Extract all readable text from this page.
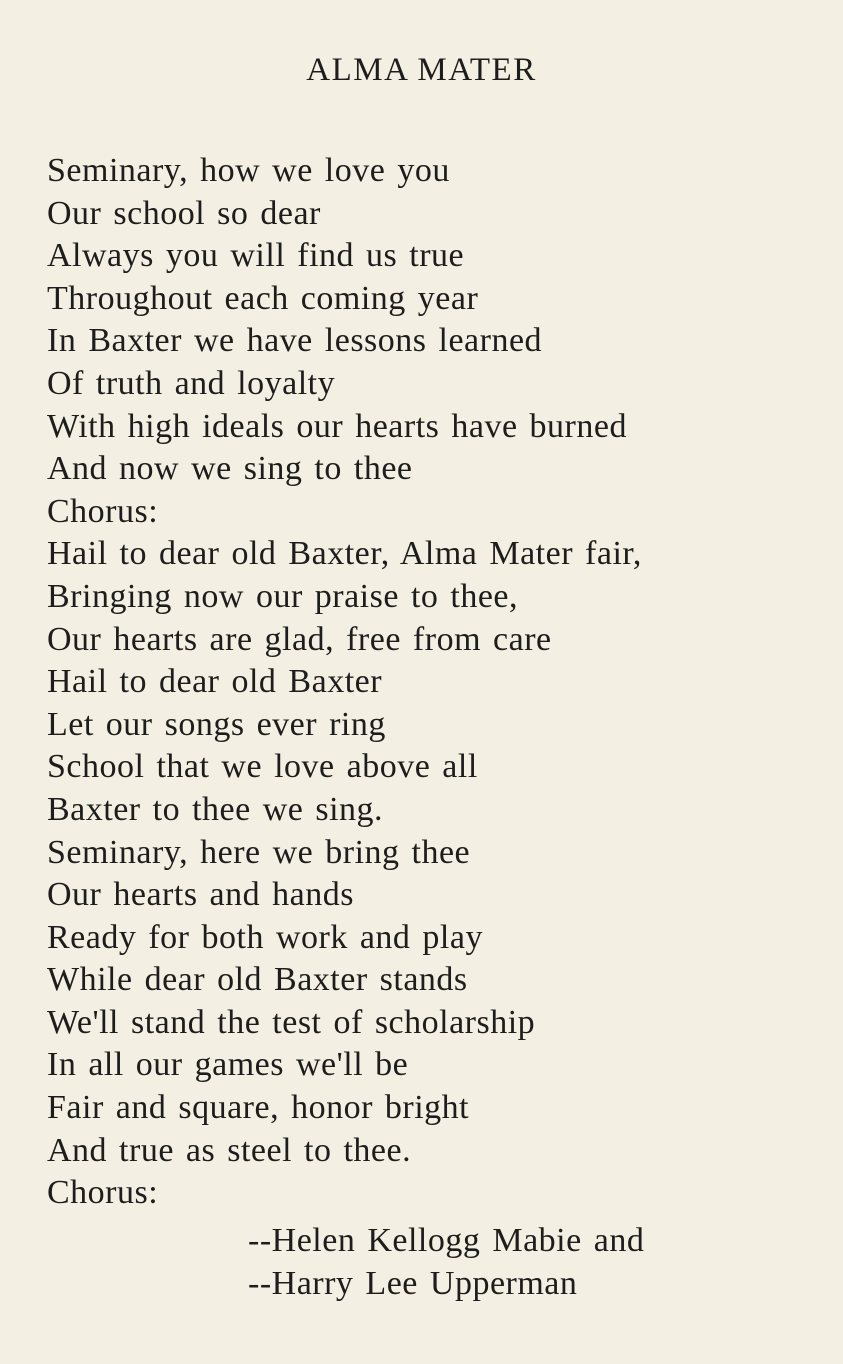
ALMA MATER
Seminary, how we love you
Our school so dear
Always you will find us true
Throughout each coming year
In Baxter we have lessons learned
Of truth and loyalty
With high ideals our hearts have burned
And now we sing to thee
Chorus:
Hail to dear old Baxter, Alma Mater fair,
Bringing now our praise to thee,
Our hearts are glad, free from care
Hail to dear old Baxter
Let our songs ever ring
School that we love above all
Baxter to thee we sing.
Seminary, here we bring thee
Our hearts and hands
Ready for both work and play
While dear old Baxter stands
We'll stand the test of scholarship
In all our games we'll be
Fair and square, honor bright
And true as steel to thee.
Chorus:
--Helen Kellogg Mabie and
--Harry Lee Upperman
